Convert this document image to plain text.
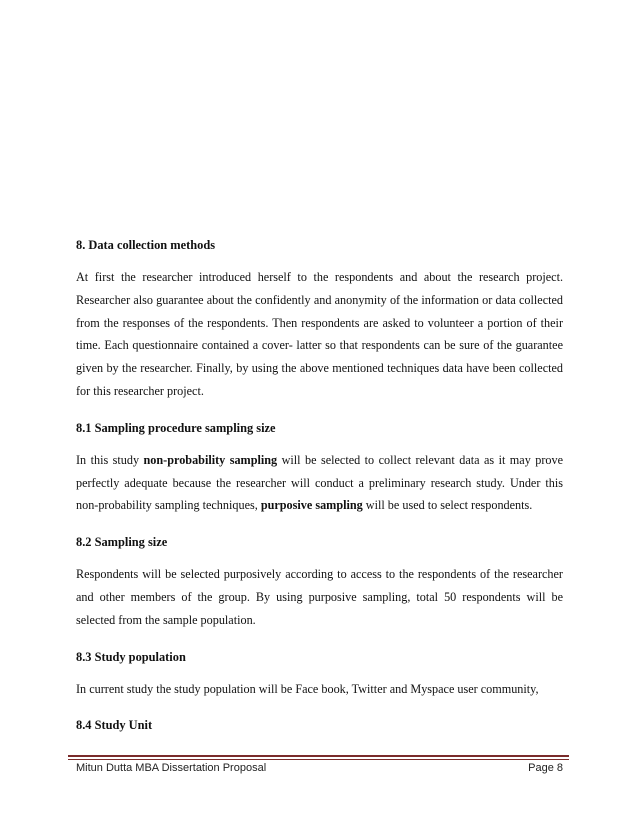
8. Data collection methods

At first the researcher introduced herself to the respondents and about the research project. Researcher also guarantee about the confidently and anonymity of the information or data collected from the responses of the respondents. Then respondents are asked to volunteer a portion of their time. Each questionnaire contained a cover- latter so that respondents can be sure of the guarantee given by the researcher. Finally, by using the above mentioned techniques data have been collected for this researcher project.

8.1 Sampling procedure sampling size

In this study non-probability sampling will be selected to collect relevant data as it may prove perfectly adequate because the researcher will conduct a preliminary research study. Under this non-probability sampling techniques, purposive sampling will be used to select respondents.

8.2 Sampling size

Respondents will be selected purposively according to access to the respondents of the researcher and other members of the group. By using purposive sampling, total 50 respondents will be selected from the sample population.

8.3 Study population

In current study the study population will be Face book, Twitter and Myspace user community,

8.4 Study Unit

Mitun Dutta MBA Dissertation Proposal	Page 8
